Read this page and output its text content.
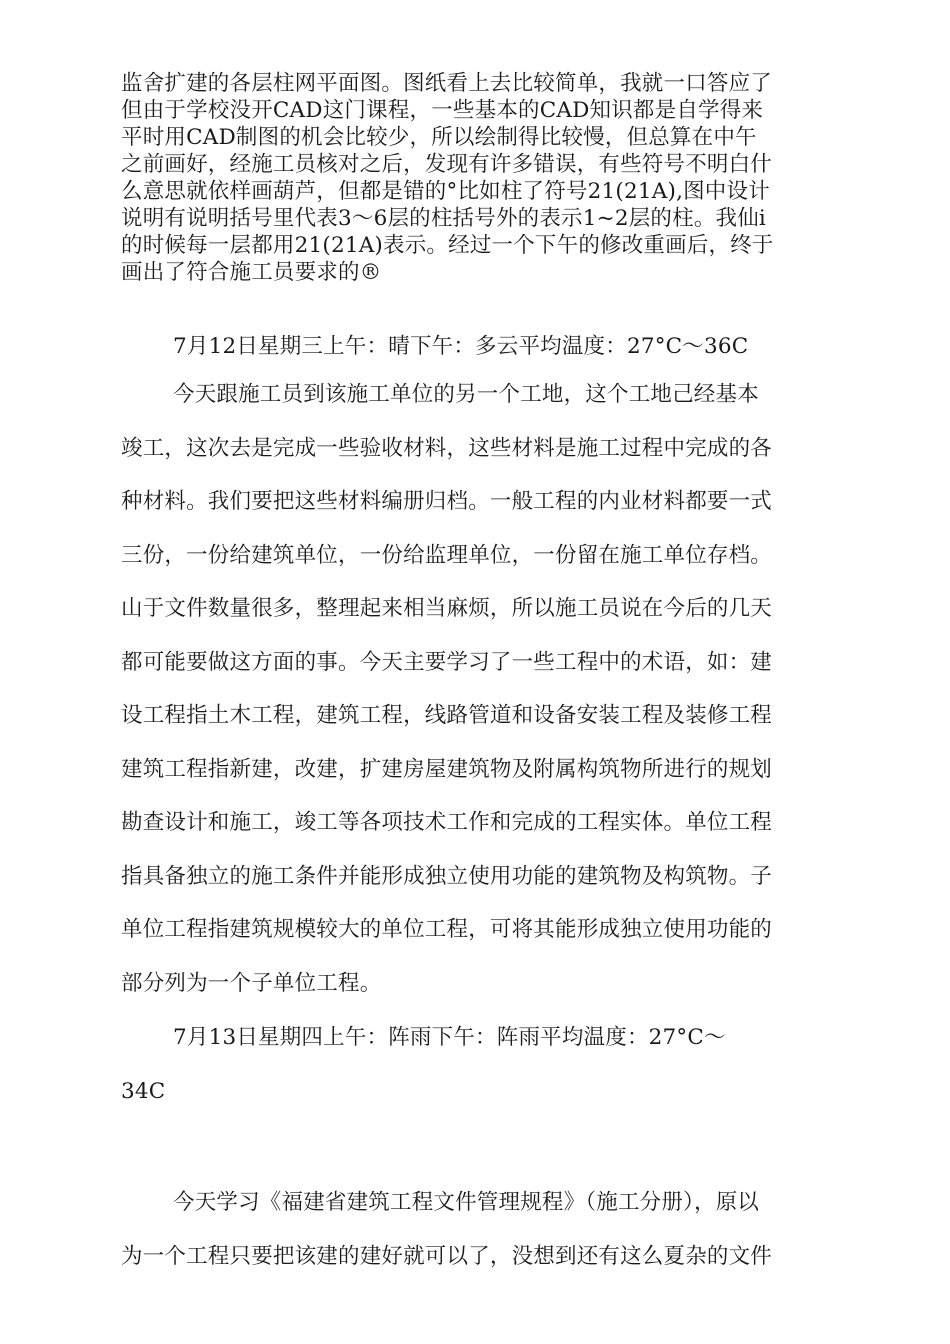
监舍扩建的各层柱网平面图。图纸看上去比较简单，我就一口答应了
但由于学校没开CAD这门课程，一些基本的CAD知识都是自学得来
平时用CAD制图的机会比较少，所以绘制得比较慢，但总算在中午
之前画好，经施工员核对之后，发现有许多错误，有些符号不明白什
么意思就依样画葫芦，但都是错的°比如柱了符号21(21A),图中设计
说明有说明括号里代表3〜6层的柱括号外的表示1~2层的柱。我仙i
的时候每一层都用21(21A)表示。经过一个下午的修改重画后，终于
画出了符合施工员要求的®
7月12日星期三上午：晴下午：多云平均温度：27°C〜36C
今天跟施工员到该施工单位的另一个工地，这个工地己经基本
竣工，这次去是完成一些验收材料，这些材料是施工过程中完成的各
种材料。我们要把这些材料编册归档。一般工程的内业材料都要一式
三份，一份给建筑单位，一份给监理单位，一份留在施工单位存档。
山于文件数量很多，整理起来相当麻烦，所以施工员说在今后的几天
都可能要做这方面的事。今天主要学习了一些工程中的术语，如：建
设工程指土木工程，建筑工程，线路管道和设备安装工程及装修工程
建筑工程指新建，改建，扩建房屋建筑物及附属构筑物所进行的规划
勘查设计和施工，竣工等各项技术工作和完成的工程实体。单位工程
指具备独立的施工条件并能形成独立使用功能的建筑物及构筑物。子
单位工程指建筑规模较大的单位工程，可将其能形成独立使用功能的
部分列为一个子单位工程。
7月13日星期四上午：阵雨下午：阵雨平均温度：27°C〜
34C
今天学习《福建省建筑工程文件管理规程》（施工分册），原以
为一个工程只要把该建的建好就可以了，没想到还有这么夏杂的文件
